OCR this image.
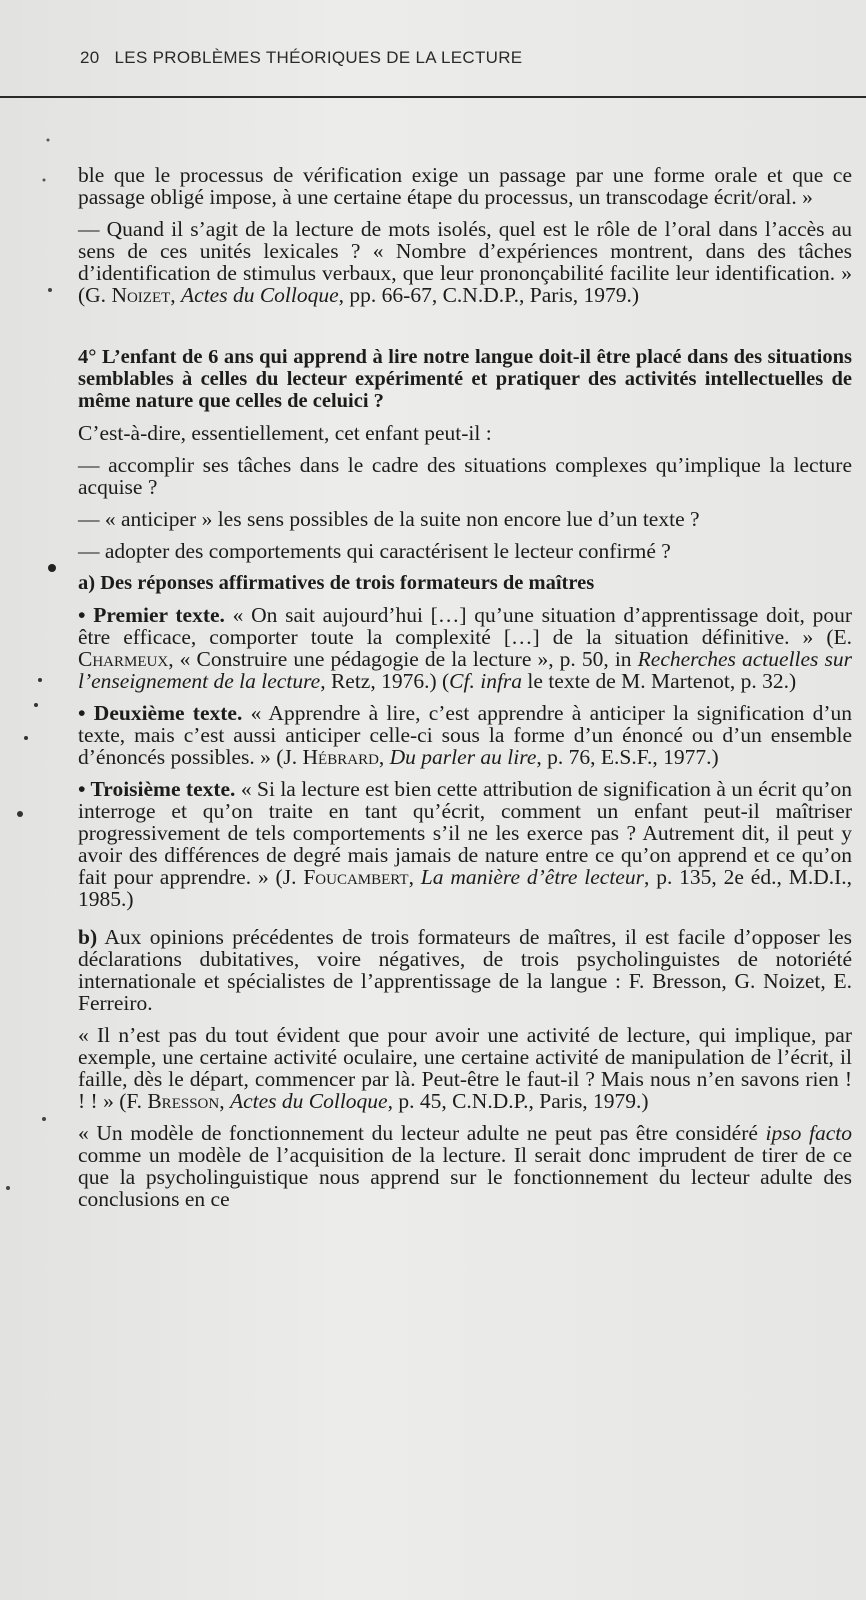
20 LES PROBLÈMES THÉORIQUES DE LA LECTURE

ble que le processus de vérification exige un passage par une forme orale et que ce passage obligé impose, à une certaine étape du processus, un transcodage écrit/oral. »

— Quand il s’agit de la lecture de mots isolés, quel est le rôle de l’oral dans l’accès au sens de ces unités lexicales ? « Nombre d’expériences montrent, dans des tâches d’identification de stimulus verbaux, que leur prononçabilité facilite leur identification. » (G. Noizet, Actes du Colloque, pp. 66-67, C.N.D.P., Paris, 1979.)

4° L’enfant de 6 ans qui apprend à lire notre langue doit-il être placé dans des situations semblables à celles du lecteur expérimenté et pratiquer des activités intellectuelles de même nature que celles de celuici ?

C’est-à-dire, essentiellement, cet enfant peut-il :

— accomplir ses tâches dans le cadre des situations complexes qu’implique la lecture acquise ?

— « anticiper » les sens possibles de la suite non encore lue d’un texte ?

— adopter des comportements qui caractérisent le lecteur confirmé ?

a) Des réponses affirmatives de trois formateurs de maîtres

• Premier texte. « On sait aujourd’hui […] qu’une situation d’apprentissage doit, pour être efficace, comporter toute la complexité […] de la situation définitive. » (E. Charmeux, « Construire une pédagogie de la lecture », p. 50, in Recherches actuelles sur l’enseignement de la lecture, Retz, 1976.) (Cf. infra le texte de M. Martenot, p. 32.)

• Deuxième texte. « Apprendre à lire, c’est apprendre à anticiper la signification d’un texte, mais c’est aussi anticiper celle-ci sous la forme d’un énoncé ou d’un ensemble d’énoncés possibles. » (J. Hébrard, Du parler au lire, p. 76, E.S.F., 1977.)

• Troisième texte. « Si la lecture est bien cette attribution de signification à un écrit qu’on interroge et qu’on traite en tant qu’écrit, comment un enfant peut-il maîtriser progressivement de tels comportements s’il ne les exerce pas ? Autrement dit, il peut y avoir des différences de degré mais jamais de nature entre ce qu’on apprend et ce qu’on fait pour apprendre. » (J. Foucambert, La manière d’être lecteur, p. 135, 2e éd., M.D.I., 1985.)

b) Aux opinions précédentes de trois formateurs de maîtres, il est facile d’opposer les déclarations dubitatives, voire négatives, de trois psycholinguistes de notoriété internationale et spécialistes de l’apprentissage de la langue : F. Bresson, G. Noizet, E. Ferreiro.

« Il n’est pas du tout évident que pour avoir une activité de lecture, qui implique, par exemple, une certaine activité oculaire, une certaine activité de manipulation de l’écrit, il faille, dès le départ, commencer par là. Peut-être le faut-il ? Mais nous n’en savons rien ! ! ! » (F. Bresson, Actes du Colloque, p. 45, C.N.D.P., Paris, 1979.)

« Un modèle de fonctionnement du lecteur adulte ne peut pas être considéré ipso facto comme un modèle de l’acquisition de la lecture. Il serait donc imprudent de tirer de ce que la psycholinguistique nous apprend sur le fonctionnement du lecteur adulte des conclusions en ce
